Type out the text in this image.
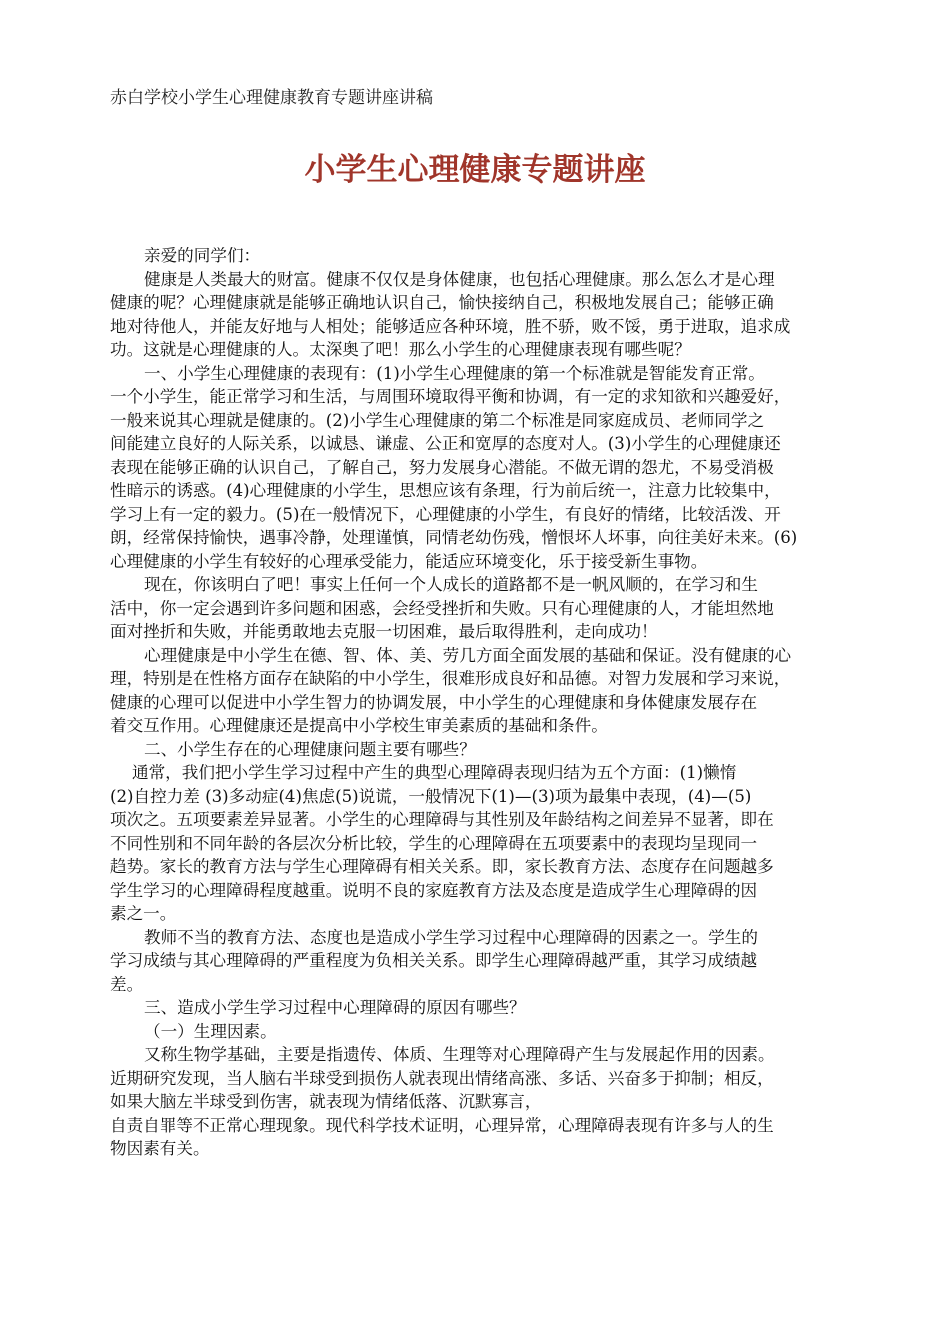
赤白学校小学生心理健康教育专题讲座讲稿
小学生心理健康专题讲座
亲爱的同学们：
健康是人类最大的财富。健康不仅仅是身体健康，也包括心理健康。那么怎么才是心理
健康的呢？心理健康就是能够正确地认识自己，愉快接纳自己，积极地发展自己；能够正确
地对待他人，并能友好地与人相处；能够适应各种环境，胜不骄，败不馁，勇于进取，追求成
功。这就是心理健康的人。太深奥了吧！那么小学生的心理健康表现有哪些呢？
一、小学生心理健康的表现有：(1)小学生心理健康的第一个标准就是智能发育正常。
一个小学生，能正常学习和生活，与周围环境取得平衡和协调，有一定的求知欲和兴趣爱好，
一般来说其心理就是健康的。(2)小学生心理健康的第二个标准是同家庭成员、老师同学之
间能建立良好的人际关系，以诚恳、谦虚、公正和宽厚的态度对人。(3)小学生的心理健康还
表现在能够正确的认识自己，了解自己，努力发展身心潜能。不做无谓的怨尤，不易受消极
性暗示的诱惑。(4)心理健康的小学生，思想应该有条理，行为前后统一，注意力比较集中，
学习上有一定的毅力。(5)在一般情况下，心理健康的小学生，有良好的情绪，比较活泼、开
朗，经常保持愉快，遇事冷静，处理谨慎，同情老幼伤残，憎恨坏人坏事，向往美好未来。(6)
心理健康的小学生有较好的心理承受能力，能适应环境变化，乐于接受新生事物。
现在，你该明白了吧！事实上任何一个人成长的道路都不是一帆风顺的，在学习和生
活中，你一定会遇到许多问题和困惑，会经受挫折和失败。只有心理健康的人，才能坦然地
面对挫折和失败，并能勇敢地去克服一切困难，最后取得胜利，走向成功！
心理健康是中小学生在德、智、体、美、劳几方面全面发展的基础和保证。没有健康的心
理，特别是在性格方面存在缺陷的中小学生，很难形成良好和品德。对智力发展和学习来说，
健康的心理可以促进中小学生智力的协调发展，中小学生的心理健康和身体健康发展存在
着交互作用。心理健康还是提高中小学校生审美素质的基础和条件。
二、小学生存在的心理健康问题主要有哪些？
通常，我们把小学生学习过程中产生的典型心理障碍表现归结为五个方面：(1)懒惰
(2)自控力差 (3)多动症(4)焦虑(5)说谎，一般情况下(1)—(3)项为最集中表现，(4)—(5)
项次之。五项要素差异显著。小学生的心理障碍与其性别及年龄结构之间差异不显著，即在
不同性别和不同年龄的各层次分析比较，学生的心理障碍在五项要素中的表现均呈现同一
趋势。家长的教育方法与学生心理障碍有相关关系。即，家长教育方法、态度存在问题越多
学生学习的心理障碍程度越重。说明不良的家庭教育方法及态度是造成学生心理障碍的因
素之一。
教师不当的教育方法、态度也是造成小学生学习过程中心理障碍的因素之一。学生的
学习成绩与其心理障碍的严重程度为负相关关系。即学生心理障碍越严重，其学习成绩越
差。
三、造成小学生学习过程中心理障碍的原因有哪些？
（一）生理因素。
又称生物学基础，主要是指遗传、体质、生理等对心理障碍产生与发展起作用的因素。
近期研究发现，当人脑右半球受到损伤人就表现出情绪高涨、多话、兴奋多于抑制；相反，
如果大脑左半球受到伤害，就表现为情绪低落、沉默寡言，
自责自罪等不正常心理现象。现代科学技术证明，心理异常，心理障碍表现有许多与人的生
物因素有关。
